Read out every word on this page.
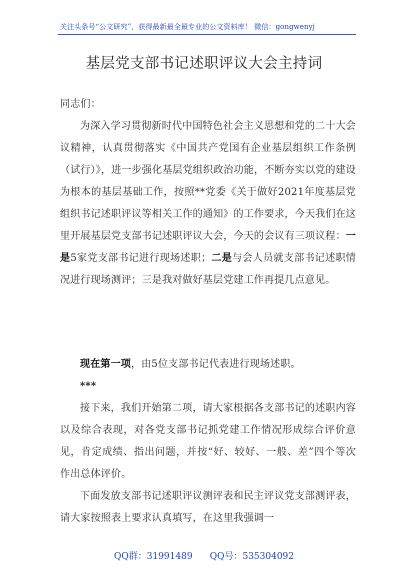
关注头条号“公文研究”，获得最新最全最专业的公文资料库！ 微信：gongwenyj
基层党支部书记述职评议大会主持词

同志们：

为深入学习贯彻新时代中国特色社会主义思想和党的二十大会议精神，认真贯彻落实《中国共产党国有企业基层组织工作条例（试行）》，进一步强化基层党组织政治功能，不断夯实以党的建设为根本的基层基础工作，按照**党委《关于做好2021年度基层党组织书记述职评议等相关工作的通知》的工作要求，今天我们在这里开展基层党支部书记述职评议大会，今天的会议有三项议程：一是5家党支部书记进行现场述职；二是与会人员就支部书记述职情况进行现场测评；三是我对做好基层党建工作再提几点意见。

现在第一项，由5位支部书记代表进行现场述职。

***

接下来，我们开始第二项，请大家根据各支部书记的述职内容以及综合表现，对各党支部书记抓党建工作情况形成综合评价意见，肯定成绩、指出问题，并按“好、较好、一般、差”四个等次作出总体评价。

下面发放支部书记述职评议测评表和民主评议党支部测评表，请大家按照表上要求认真填写，在这里我强调一

QQ群：31991489      QQ号：535304092
